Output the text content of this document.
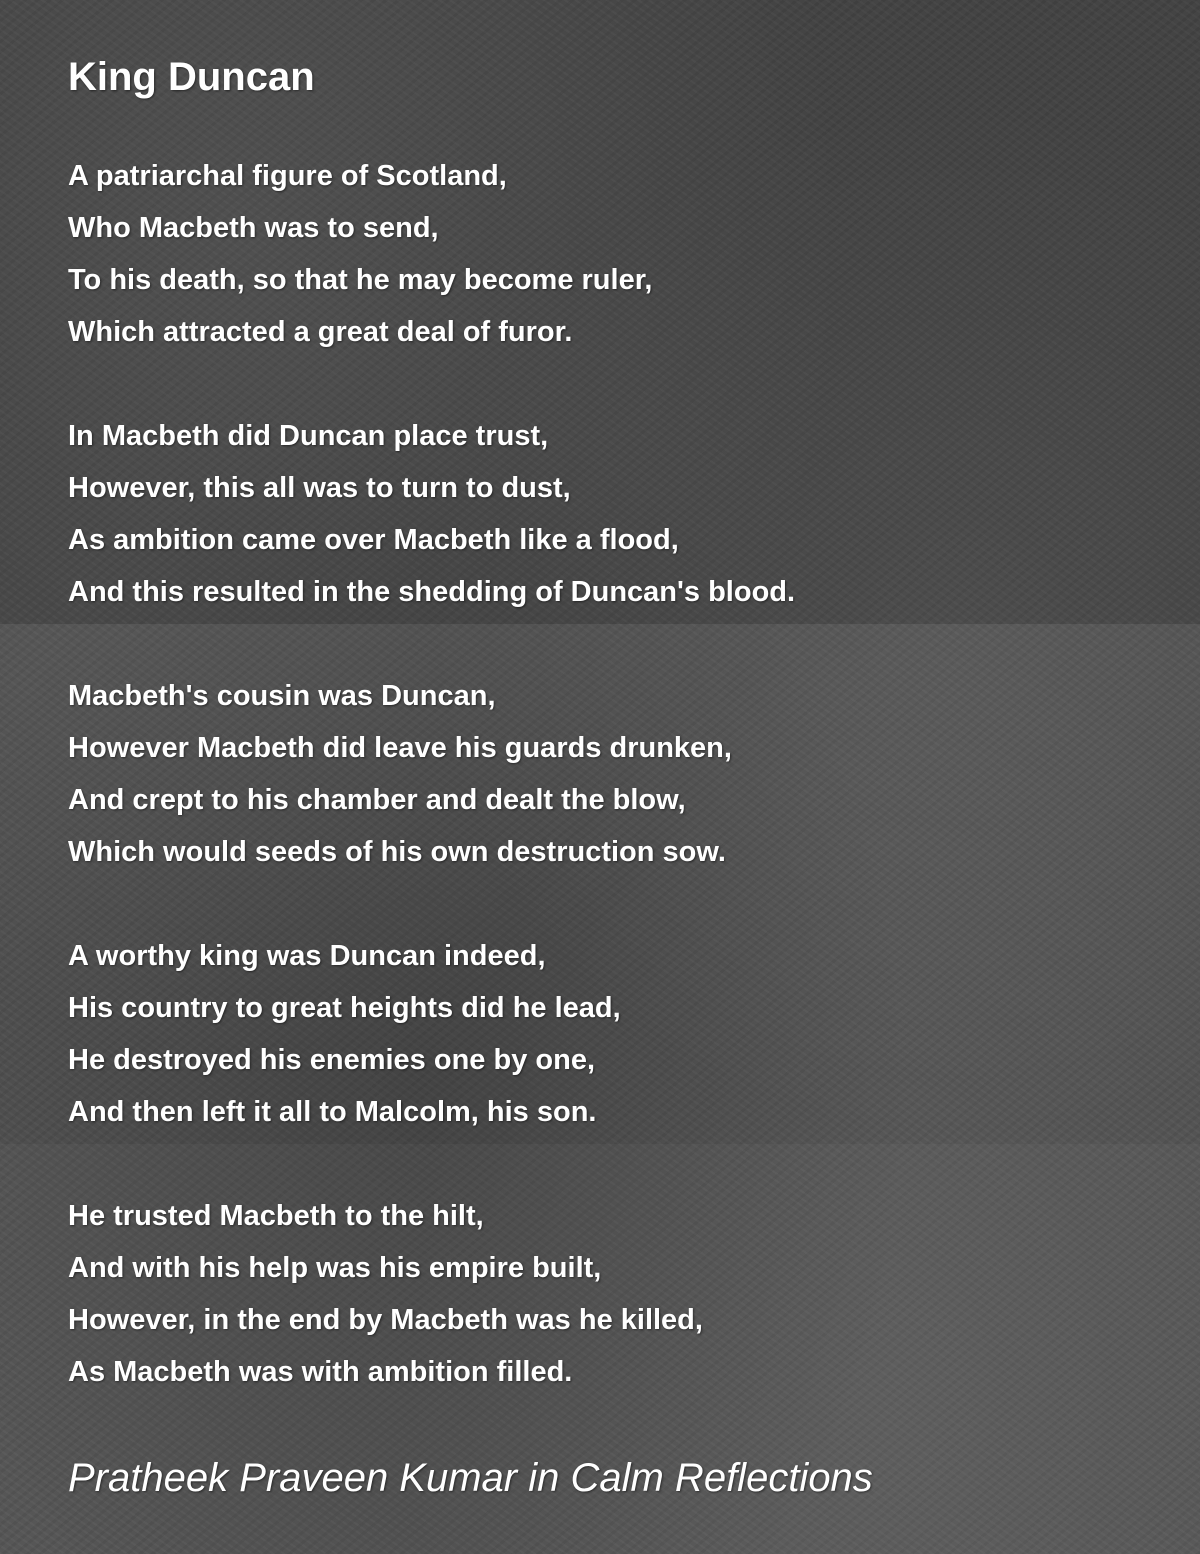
King Duncan
A patriarchal figure of Scotland,
Who Macbeth was to send,
To his death, so that he may become ruler,
Which attracted a great deal of furor.
In Macbeth did Duncan place trust,
However, this all was to turn to dust,
As ambition came over Macbeth like a flood,
And this resulted in the shedding of Duncan's blood.
Macbeth's cousin was Duncan,
However Macbeth did leave his guards drunken,
And crept to his chamber and dealt the blow,
Which would seeds of his own destruction sow.
A worthy king was Duncan indeed,
His country to great heights did he lead,
He destroyed his enemies one by one,
And then left it all to Malcolm, his son.
He trusted Macbeth to the hilt,
And with his help was his empire built,
However, in the end by Macbeth was he killed,
As Macbeth was with ambition filled.
Pratheek Praveen Kumar in Calm Reflections
